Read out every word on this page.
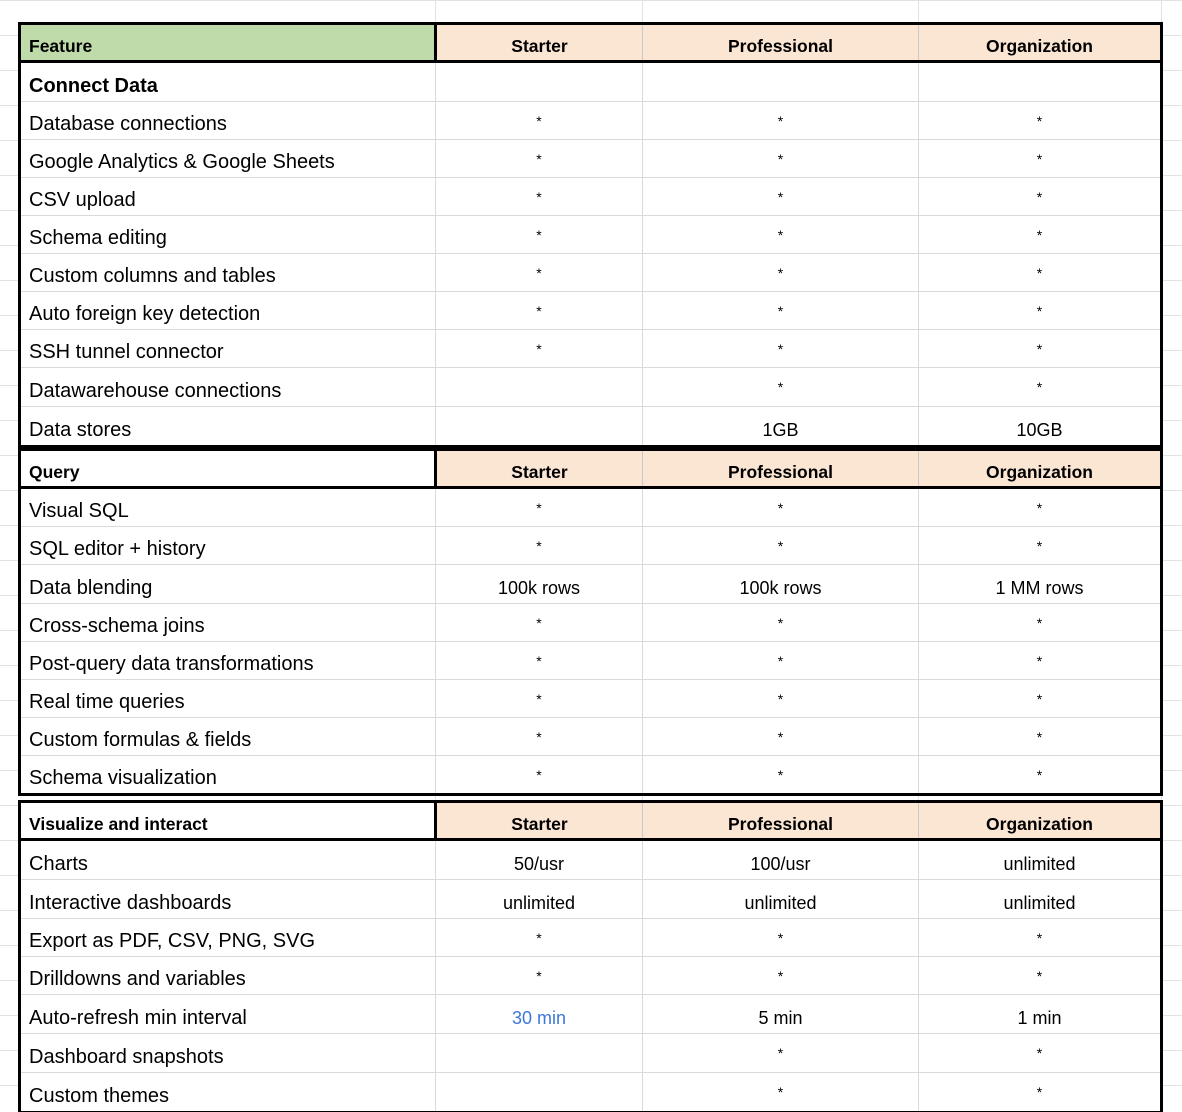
Feature	Starter	Professional	Organization
Connect Data			
Database connections	*	*	*
Google Analytics & Google Sheets	*	*	*
CSV upload	*	*	*
Schema editing	*	*	*
Custom columns and tables	*	*	*
Auto foreign key detection	*	*	*
SSH tunnel connector	*	*	*
Datawarehouse connections		*	*
Data stores		1GB	10GB
Query	Starter	Professional	Organization
Visual SQL	*	*	*
SQL editor + history	*	*	*
Data blending	100k rows	100k rows	1 MM rows
Cross-schema joins	*	*	*
Post-query data transformations	*	*	*
Real time queries	*	*	*
Custom formulas & fields	*	*	*
Schema visualization	*	*	*
Visualize and interact	Starter	Professional	Organization
Charts	50/usr	100/usr	unlimited
Interactive dashboards	unlimited	unlimited	unlimited
Export as PDF, CSV, PNG, SVG	*	*	*
Drilldowns and variables	*	*	*
Auto-refresh min interval	30 min	5 min	1 min
Dashboard snapshots		*	*
Custom themes		*	*
